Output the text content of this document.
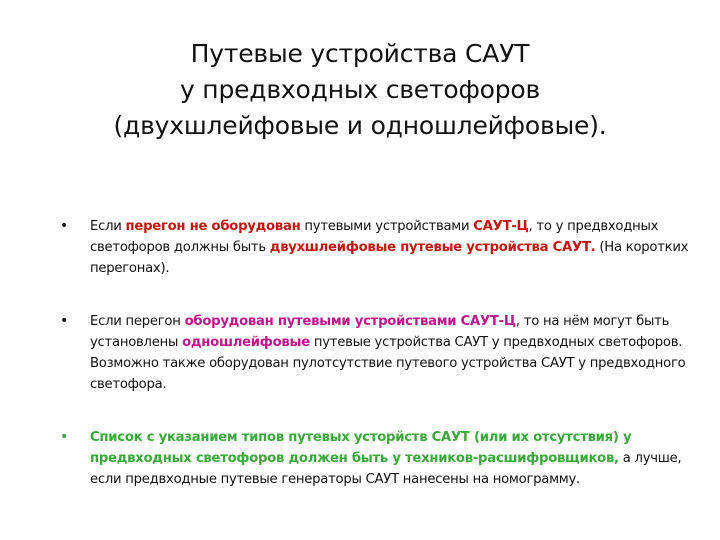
Путевые устройства САУТ
у предвходных светофоров
(двухшлейфовые и одношлейфовые).
• Если перегон не оборудован путевыми устройствами САУТ-Ц, то у предвходных светофоров должны быть двухшлейфовые путевые устройства САУТ. (На коротких перегонах).
• Если перегон оборудован путевыми устройствами САУТ-Ц, то на нём могут быть установлены одношлейфовые путевые устройства САУТ у предвходных светофоров. Возможно также оборудован пулотсутствие путевого устройства САУТ у предвходного светофора.
• Список с указанием типов путевых усторйств САУТ (или их отсутствия) у предвходных светофоров должен быть у техников-расшифровщиков, а лучше, если предвходные путевые генераторы САУТ нанесены на номограмму.
